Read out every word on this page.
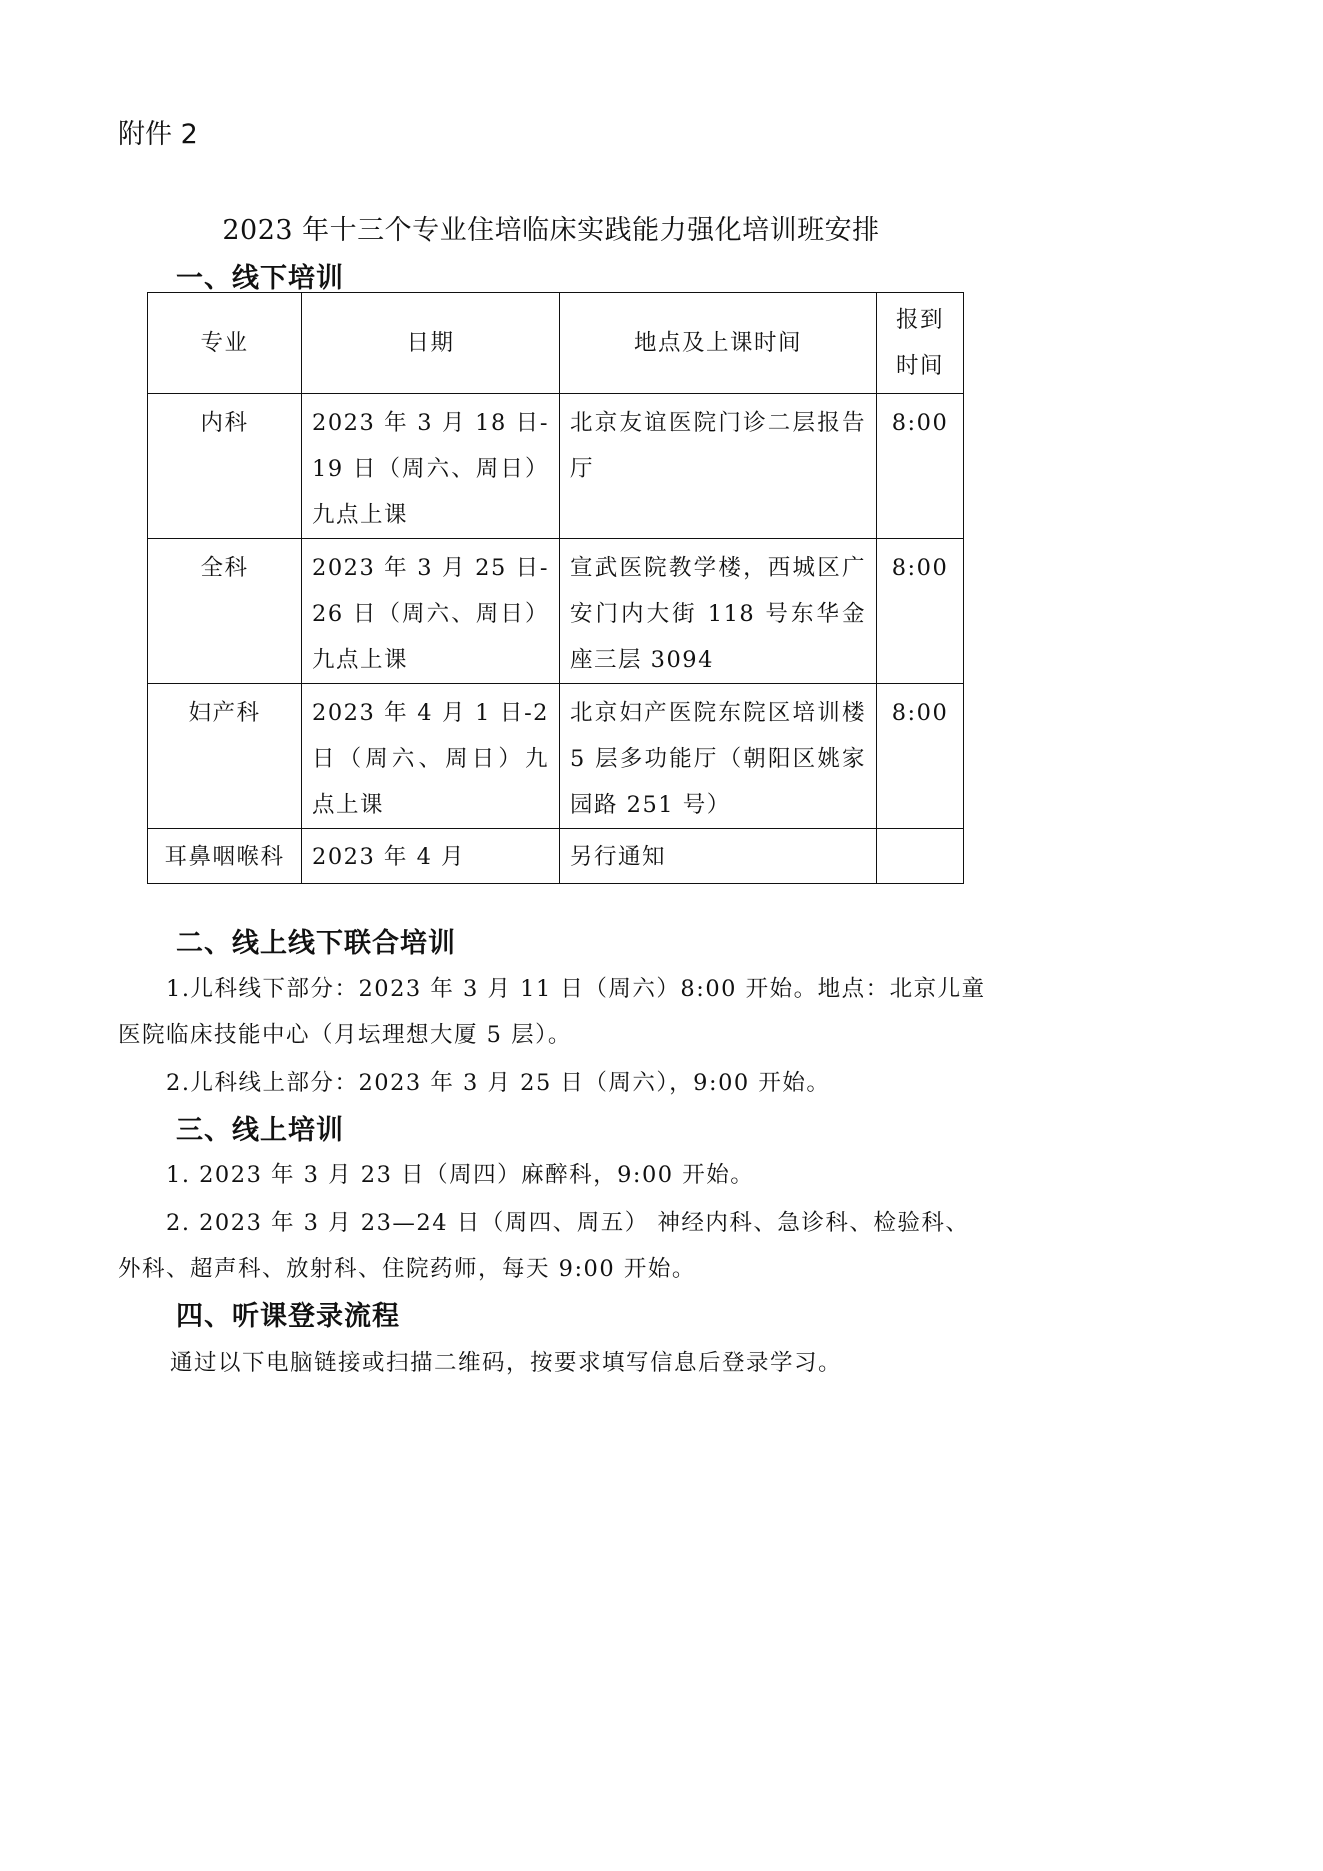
附件 2
2023 年十三个专业住培临床实践能力强化培训班安排
一、线下培训
专业	日期	地点及上课时间	报到
时间

内科	2023 年 3 月 18 日-19 日（周六、周日）九点上课	北京友谊医院门诊二层报告厅	8:00
全科	2023 年 3 月 25 日-26 日（周六、周日）九点上课	宣武医院教学楼，西城区广安门内大街 118 号东华金座三层 3094	8:00
妇产科	2023 年 4 月 1 日-2 日（周六、周日）九点上课	北京妇产医院东院区培训楼 5 层多功能厅（朝阳区姚家园路 251 号）	8:00
耳鼻咽喉科	2023 年 4 月	另行通知	
二、线上线下联合培训
1.儿科线下部分：2023 年 3 月 11 日（周六）8:00 开始。地点：北京儿童
医院临床技能中心（月坛理想大厦 5 层）。
2.儿科线上部分：2023 年 3 月 25 日（周六），9:00 开始。
三、线上培训
1. 2023 年 3 月 23 日（周四）麻醉科，9:00 开始。
2. 2023 年 3 月 23—24 日（周四、周五） 神经内科、急诊科、检验科、
外科、超声科、放射科、住院药师，每天 9:00 开始。
四、听课登录流程
通过以下电脑链接或扫描二维码，按要求填写信息后登录学习。
